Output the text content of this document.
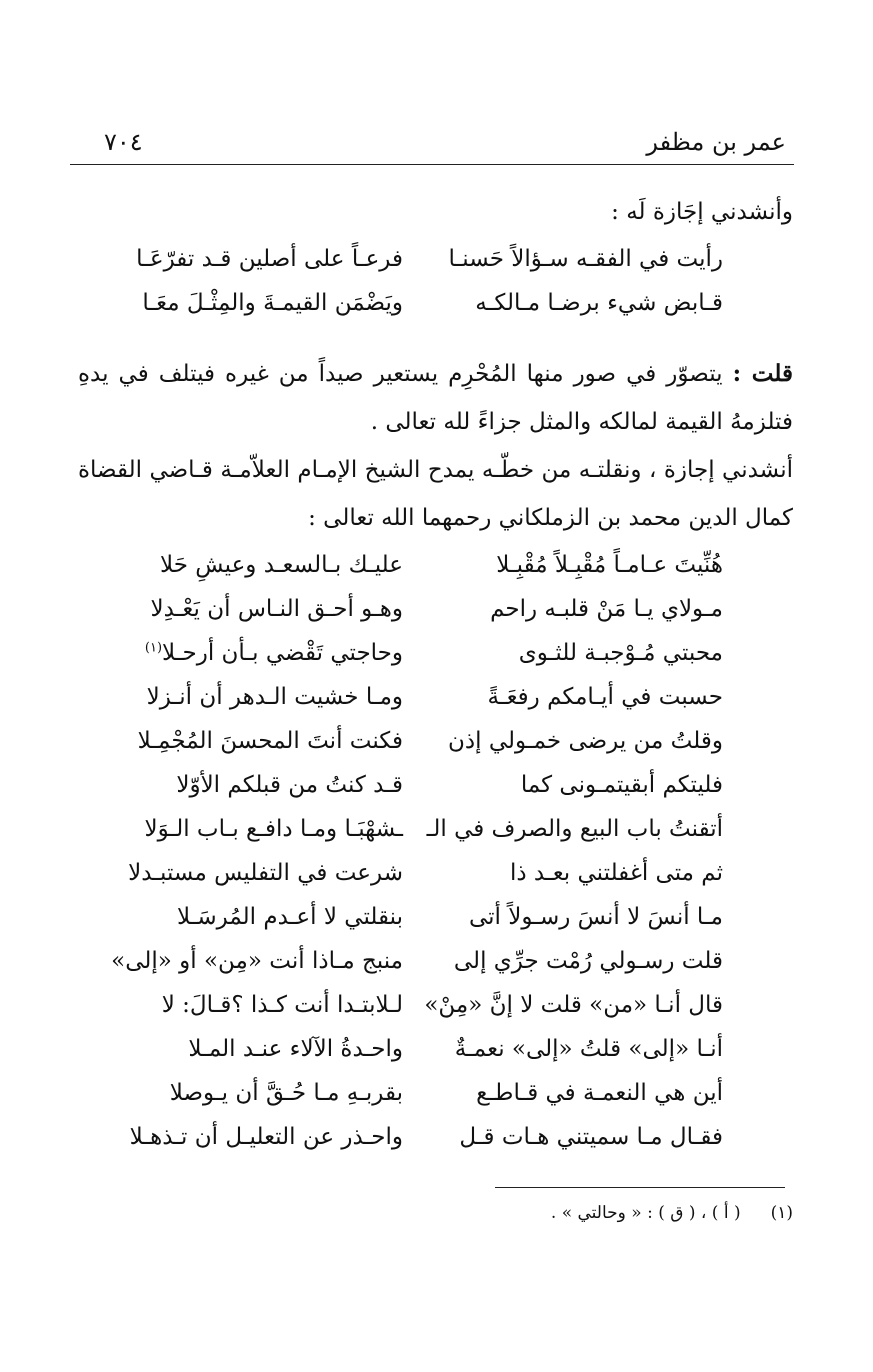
عمر بن مظفر
٧٠٤
وأنشدني إجَازة لَه :
رأيت في الفقـه سـؤالاً حَسنـا
فرعـاً على أصلين قـد تفرّعَـا
قـابض شيء برضـا مـالكـه
ويَضْمَن القيمـةَ والمِثْـلَ معَـا
قلت : يتصوّر في صور منها المُحْرِم يستعير صيداً من غيره فيتلف في يدهِ فتلزمهُ القيمة لمالكه والمثل جزاءً لله تعالى .
أنشدني إجازة ، ونقلتـه من خطّـه يمدح الشيخ الإمـام العلاّمـة قـاضي القضاة كمال الدين محمد بن الزملكاني رحمهما الله تعالى :
هُنِّيتَ عـامـاً مُقْبِـلاً مُقْبِـلا
عليـك بـالسعـد وعيشِ حَلا
مـولاي يـا مَنْ قلبـه راحم
وهـو أحـق النـاس أن يَعْـدِلا
محبتي مُـوْجبـة للثـوى
وحاجتي تَقْضي بـأن أرحـلا$^{(١)}$
حسبت في أيـامكم رفعَـةً
ومـا خشيت الـدهر أن أنـزلا
وقلتُ من يرضى خمـولي إذن
فكنت أنتَ المحسنَ المُجْمِـلا
فليتكم أبقيتمـونى كما
قـد كنتُ من قبلكم الأوّلا
أتقنتُ باب البيع والصرف في الـ
ـشهْبَـا ومـا دافـع بـاب الـوَلا
ثم متى أغفلتني بعـد ذا
شرعت في التفليس مستبـدلا
مـا أنسَ لا أنسَ رسـولاً أتى
بنقلتي لا أعـدم المُرسَـلا
قلت رسـولي رُمْت جرِّي إلى
منبج مـاذا أنت «مِن» أو «إلى»
قال أنـا «من» قلت لا إنَّ «مِنْ»
لـلابتـدا أنت كـذا ؟قـالَ: لا
أنـا «إلى» قلتُ «إلى» نعمـةٌ
واحـدةُ الآلاء عنـد المـلا
أين هي النعمـة في قـاطـع
بقربـهِ مـا حُـقَّ أن يـوصلا
فقـال مـا سميتني هـات قـل
واحـذر عن التعليـل أن تـذهـلا
(١)( أ ) ، ( ق ) : « وحالتي » .
